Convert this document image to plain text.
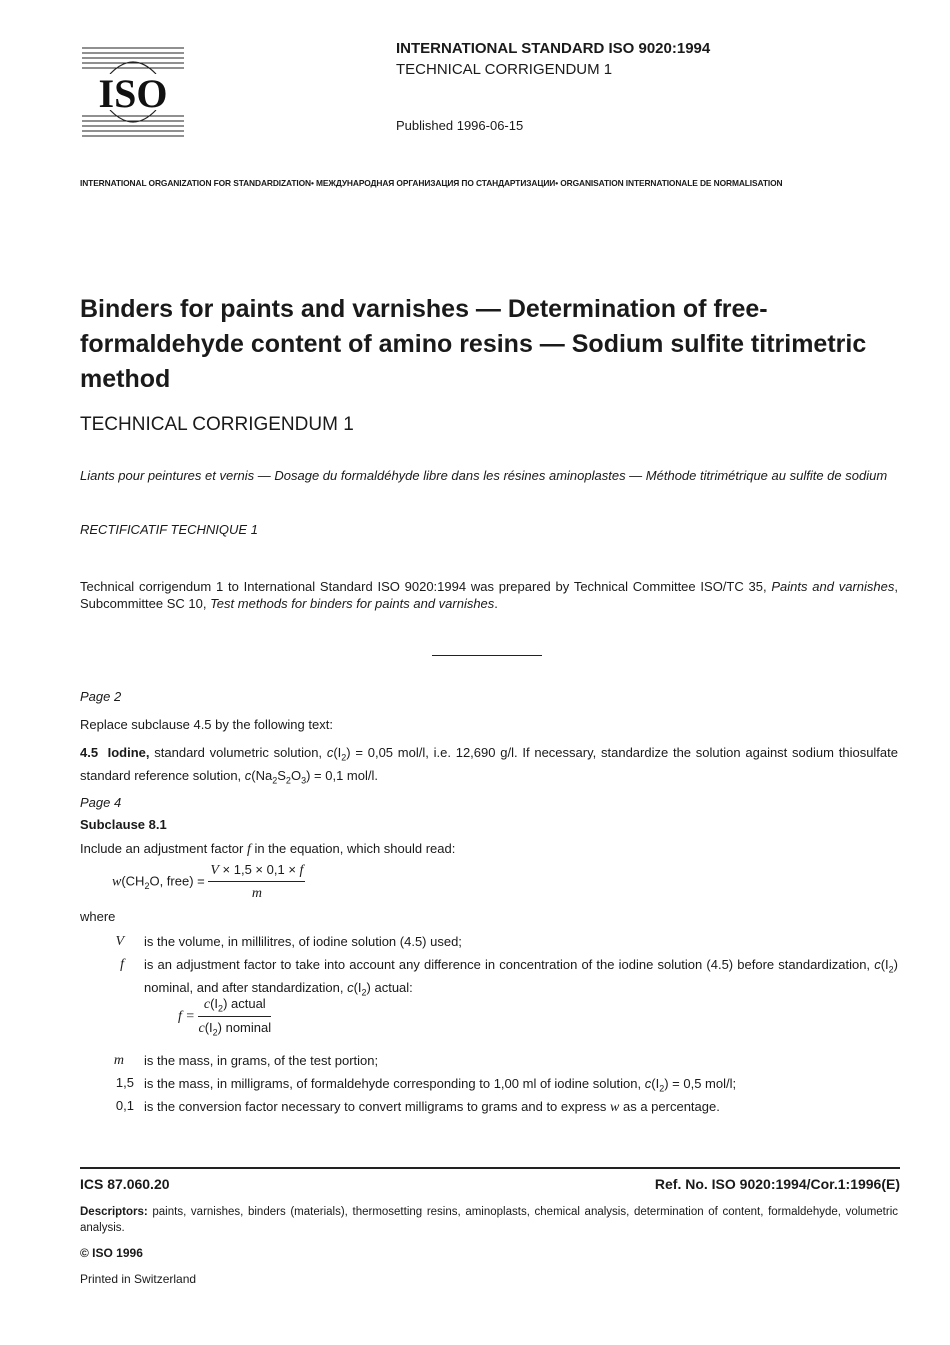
ISO
INTERNATIONAL STANDARD ISO 9020:1994
TECHNICAL CORRIGENDUM 1
Published 1996-06-15
INTERNATIONAL ORGANIZATION FOR STANDARDIZATION• МЕЖДУНАРОДНАЯ ОРГАНИЗАЦИЯ ПО СТАНДАРТИЗАЦИИ• ORGANISATION INTERNATIONALE DE NORMALISATION
Binders for paints and varnishes — Determination of free-formaldehyde content of amino resins — Sodium sulfite titrimetric method
TECHNICAL CORRIGENDUM 1
Liants pour peintures et vernis — Dosage du formaldéhyde libre dans les résines aminoplastes — Méthode titrimétrique au sulfite de sodium
RECTIFICATIF TECHNIQUE 1
Technical corrigendum 1 to International Standard ISO 9020:1994 was prepared by Technical Committee ISO/TC 35, Paints and varnishes, Subcommittee SC 10, Test methods for binders for paints and varnishes.
Page 2
Replace subclause 4.5 by the following text:
4.5 Iodine, standard volumetric solution, $c(I_2) = 0,05$ mol/l, i.e. 12,690 g/l. If necessary, standardize the solution against sodium thiosulfate standard reference solution, $c(Na_2S_2O_3) = 0,1$ mol/l.
Page 4
Subclause 8.1
Include an adjustment factor f in the equation, which should read:
$w(CH_2O$, free) = $\frac{V \times 1,5 \times 0,1 \times f}{m}$
where
V is the volume, in millilitres, of iodine solution (4.5) used;
f is an adjustment factor to take into account any difference in concentration of the iodine solution (4.5) before standardization, $c(I_2)$ nominal, and after standardization, $c(I_2)$ actual:
$f = \frac{c(I_2) actual}{c(I_2) nominal}$
m is the mass, in grams, of the test portion;
1,5 is the mass, in milligrams, of formaldehyde corresponding to 1,00 ml of iodine solution, $c(I_2) = 0,5$ mol/l;
0,1 is the conversion factor necessary to convert milligrams to grams and to express w as a percentage.
ICS 87.060.20	Ref. No. ISO 9020:1994/Cor.1:1996(E)
Descriptors: paints, varnishes, binders (materials), thermosetting resins, aminoplasts, chemical analysis, determination of content, formaldehyde, volumetric analysis.
© ISO 1996
Printed in Switzerland
